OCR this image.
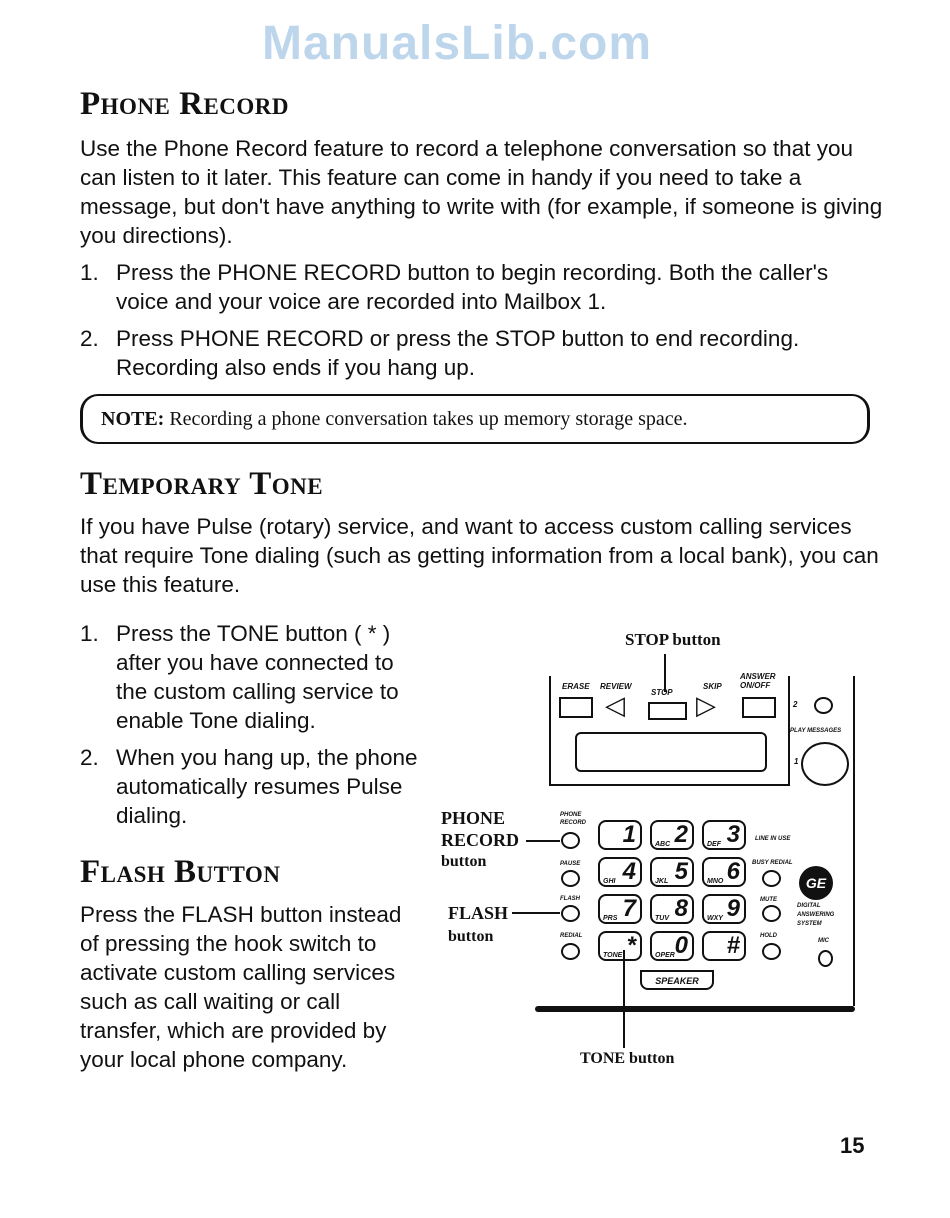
ManualsLib.com
Phone Record

Use the Phone Record feature to record a telephone conversation so that you can listen to it later. This feature can come in handy if you need to take a message, but don't have anything to write with (for example, if someone is giving you directions).

1. Press the PHONE RECORD button to begin recording. Both the caller's voice and your voice are recorded into Mailbox 1.
2. Press PHONE RECORD or press the STOP button to end recording. Recording also ends if you hang up.
NOTE: Recording a phone conversation takes up memory storage space.
Temporary Tone

If you have Pulse (rotary) service, and want to access custom calling services that require Tone dialing (such as getting information from a local bank), you can use this feature.

1. Press the TONE button ( * ) after you have connected to the custom calling service to enable Tone dialing.
2. When you hang up, the phone automatically resumes Pulse dialing.
Flash Button

Press the FLASH button instead of pressing the hook switch to activate custom calling services such as call waiting or call transfer, which are provided by your local phone company.

STOP button
ERASE REVIEW
STOP
SKIP
ANSWER
ON/OFF
◁	▷	2
PLAY MESSAGES
1
PHONE
RECORD
button
FLASH
button
PHONE
RECORD
PAUSE
FLASH
REDIAL
1	ABC 2	DEF 3
GHI 4	JKL 5	MNO 6
PRS 7	TUV 8	WXY 9
TONE *	OPER 0	#
LINE IN USE
BUSY REDIAL
MUTE
HOLD
GE
DIGITAL
ANSWERING
SYSTEM
MIC
SPEAKER
TONE button
15
